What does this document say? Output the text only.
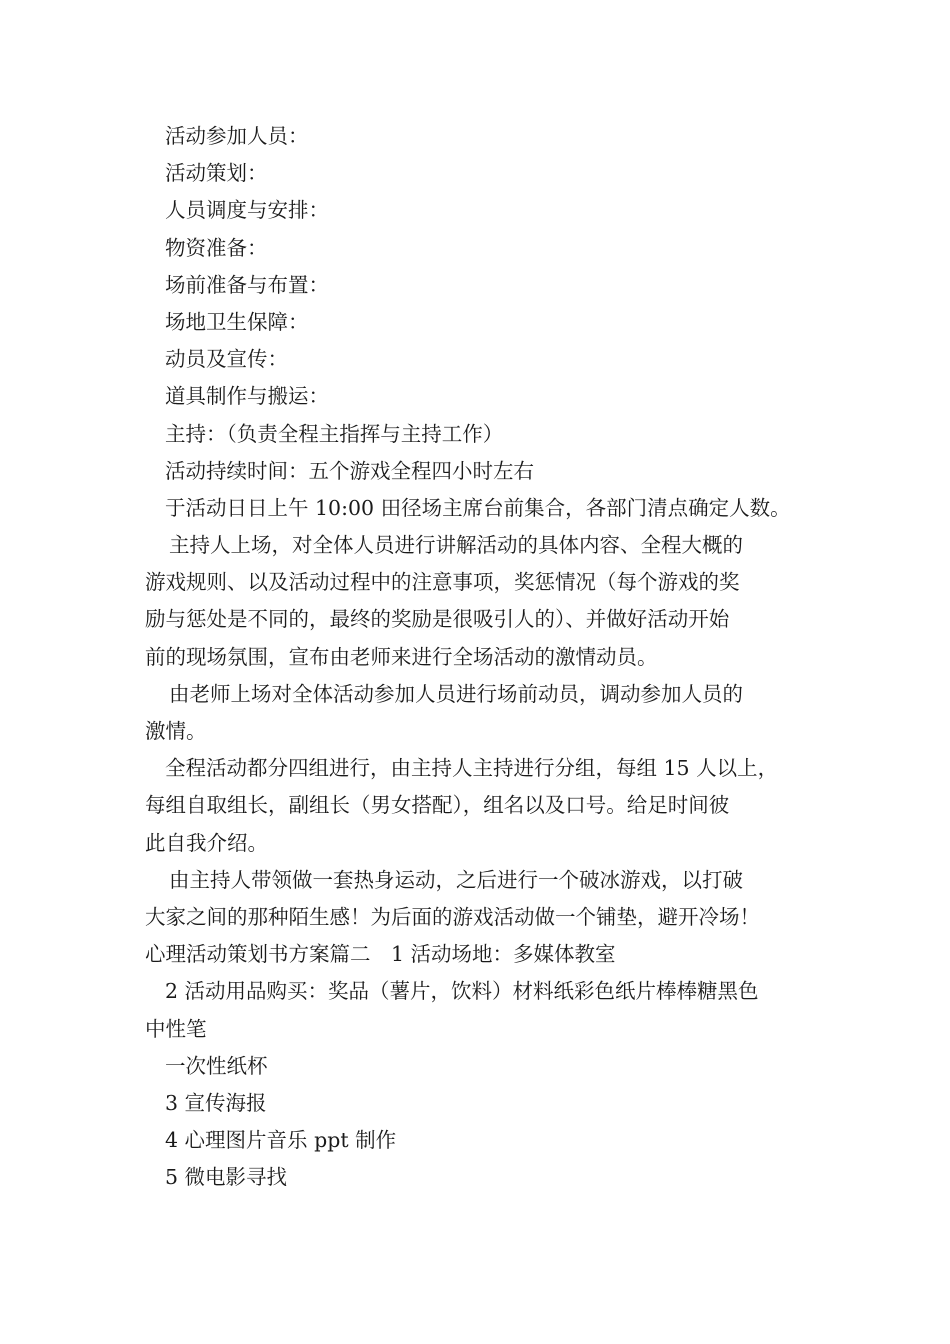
活动参加人员：
活动策划：
人员调度与安排：
物资准备：
场前准备与布置：
场地卫生保障：
动员及宣传：
道具制作与搬运：
主持：（负责全程主指挥与主持工作）
活动持续时间：五个游戏全程四小时左右
于活动日日上午 10:00 田径场主席台前集合，各部门清点确定人数。
主持人上场，对全体人员进行讲解活动的具体内容、全程大概的
游戏规则、以及活动过程中的注意事项，奖惩情况（每个游戏的奖
励与惩处是不同的，最终的奖励是很吸引人的）、并做好活动开始
前的现场氛围，宣布由老师来进行全场活动的激情动员。
由老师上场对全体活动参加人员进行场前动员，调动参加人员的
激情。
全程活动都分四组进行，由主持人主持进行分组，每组 15 人以上，
每组自取组长，副组长（男女搭配），组名以及口号。给足时间彼
此自我介绍。
由主持人带领做一套热身运动，之后进行一个破冰游戏，以打破
大家之间的那种陌生感！为后面的游戏活动做一个铺垫，避开冷场！
心理活动策划书方案篇二　1 活动场地：多媒体教室
2 活动用品购买：奖品（薯片，饮料）材料纸彩色纸片棒棒糖黑色
中性笔
一次性纸杯
3 宣传海报
4 心理图片音乐 ppt 制作
5 微电影寻找
